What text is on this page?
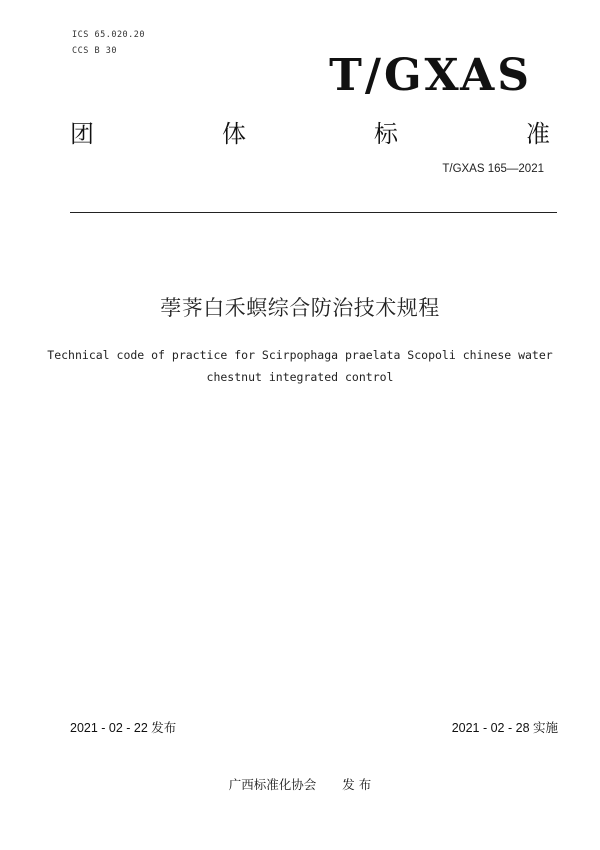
ICS 65.020.20
CCS B 30	T/GXAS
团	体	标	准
T/GXAS 165—2021
荸荠白禾螟综合防治技术规程
Technical code of practice for Scirpophaga praelata Scopoli chinese water chestnut integrated control
2021 - 02 - 22 发布	2021 - 02 - 28 实施
广西标准化协会 发 布
